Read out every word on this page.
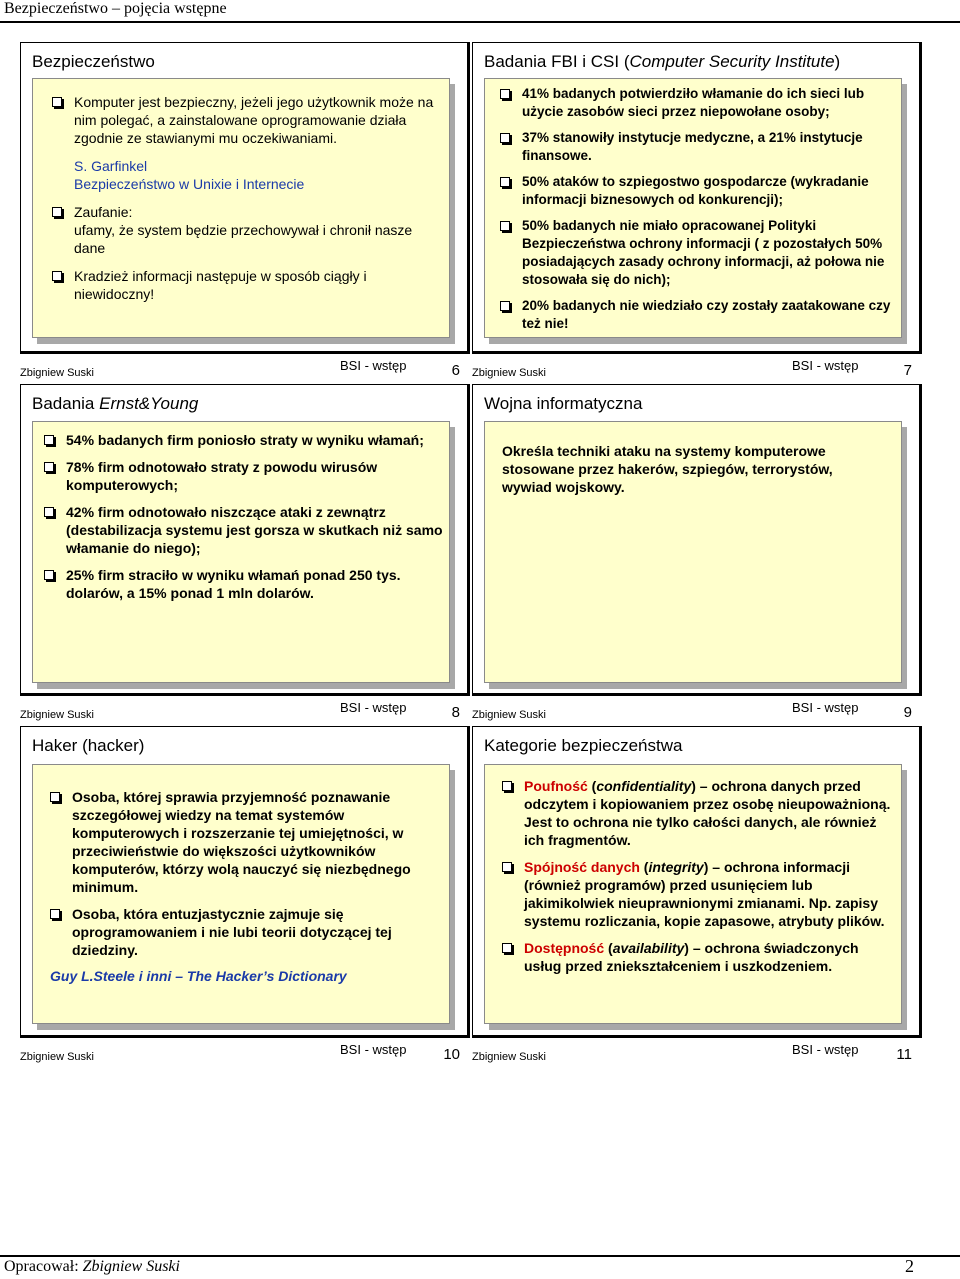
Bezpieczeństwo – pojęcia wstępne
Bezpieczeństwo
Komputer jest bezpieczny, jeżeli jego użytkownik może na nim polegać, a zainstalowane oprogramowanie działa zgodnie ze stawianymi mu oczekiwaniami.
S. Garfinkel
Bezpieczeństwo w Unixie i Internecie
Zaufanie:
ufamy, że system będzie przechowywał i chronił nasze dane
Kradzież informacji następuje w sposób ciągły i niewidoczny!
Zbigniew Suski	BSI - wstęp	6
Badania FBI i CSI (Computer Security Institute)
41% badanych potwierdziło włamanie do ich sieci lub użycie zasobów sieci przez niepowołane osoby;
37% stanowiły instytucje medyczne, a 21% instytucje finansowe.
50% ataków to szpiegostwo gospodarcze (wykradanie informacji biznesowych od konkurencji);
50% badanych nie miało opracowanej Polityki Bezpieczeństwa ochrony informacji ( z pozostałych 50% posiadających zasady ochrony informacji, aż połowa nie stosowała się do nich);
20% badanych nie wiedziało czy zostały zaatakowane czy też nie!
Zbigniew Suski	BSI - wstęp	7
Badania Ernst&Young
54% badanych firm poniosło straty w wyniku włamań;
78% firm odnotowało straty z powodu wirusów komputerowych;
42% firm odnotowało niszczące ataki z zewnątrz (destabilizacja systemu jest gorsza w skutkach niż samo włamanie do niego);
25% firm straciło w wyniku włamań ponad 250 tys. dolarów, a 15% ponad 1 mln dolarów.
Zbigniew Suski	BSI - wstęp	8
Wojna informatyczna
Określa techniki ataku na systemy komputerowe stosowane przez hakerów, szpiegów, terrorystów, wywiad wojskowy.
Zbigniew Suski	BSI - wstęp	9
Haker (hacker)
Osoba, której sprawia przyjemność poznawanie szczegółowej wiedzy na temat systemów komputerowych i rozszerzanie tej umiejętności, w przeciwieństwie do większości użytkowników komputerów, którzy wolą nauczyć się niezbędnego minimum.
Osoba, która entuzjastycznie zajmuje się oprogramowaniem i nie lubi teorii dotyczącej tej dziedziny.
Guy L.Steele i inni – The Hacker’s Dictionary
Zbigniew Suski	BSI - wstęp 10
Kategorie bezpieczeństwa
Poufność (confidentiality) – ochrona danych przed odczytem i kopiowaniem przez osobę nieupoważnioną. Jest to ochrona nie tylko całości danych, ale również ich fragmentów.
Spójność danych (integrity) – ochrona informacji (również programów) przed usunięciem lub jakimikolwiek nieuprawnionymi zmianami. Np. zapisy systemu rozliczania, kopie zapasowe, atrybuty plików.
Dostępność (availability) – ochrona świadczonych usług przed zniekształceniem i uszkodzeniem.
Zbigniew Suski	BSI - wstęp	11
Opracował: Zbigniew Suski	2
